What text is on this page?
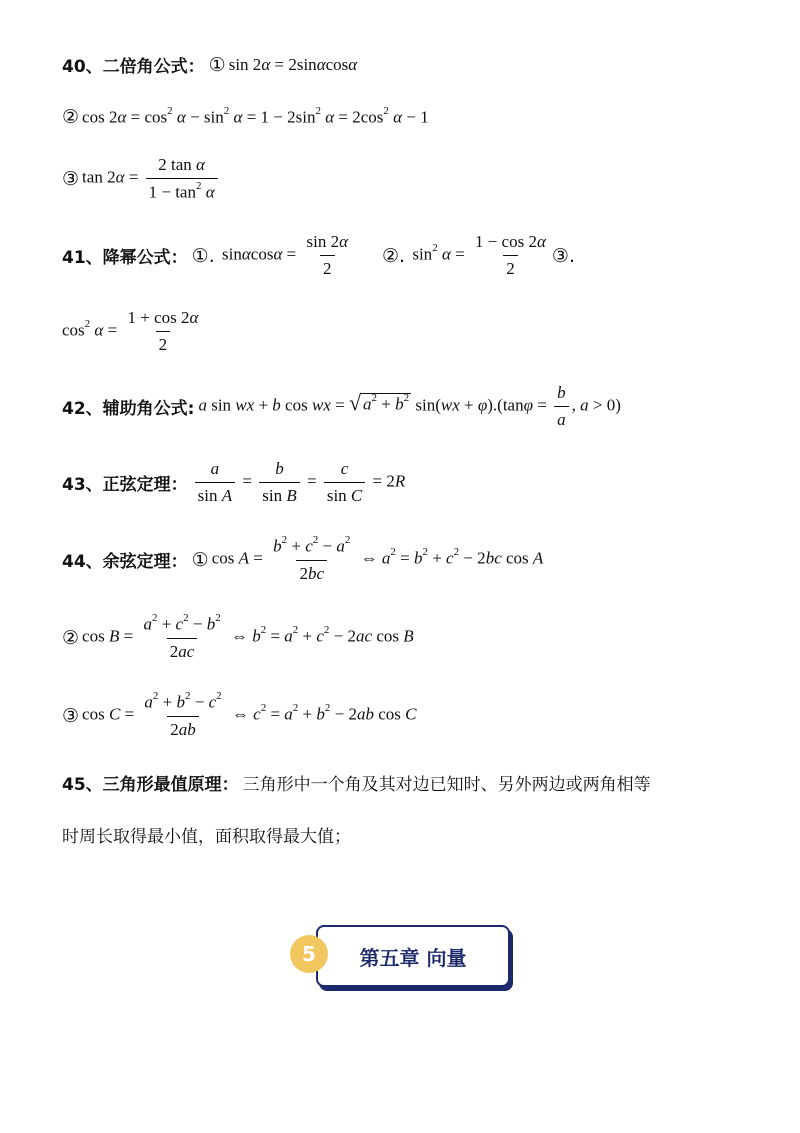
40、二倍角公式： ① sin 2α = 2sinαcosα
② $\cos 2\alpha = \cos^2 \alpha - \sin^2 \alpha = 1 - 2\sin^2$ $\alpha = 2\cos^2$ α − 1
③ $\tan 2\alpha = \frac{\text{2 tan α}}{1 - \tan^2 \alpha}$
41、降幂公式： ①. $\sin\alpha\cos\alpha = \frac{\sin 2\alpha}{2}$ ②. $\sin^2 \alpha = \frac{1 - \cos 2\alpha}{2}$ ③.
$\cos^2 \alpha = \frac{1 + \cos 2\alpha}{2}$
42、辅助角公式: a sin wx + b cos wx = √ $a^2 + b^2$ $\sin(wx + \varphi).(\tan\varphi = \frac{b}{a}$ , a > 0)
43、正弦定理： $\frac{a}{\text{sin A}} = \frac{b}{\text{sin B}} = \frac{c}{\text{sin C}} = 2R$
44、余弦定理： ① $\cos A = \frac{b^2 + c^2 - a^2}{2bc}$ ⇔ $a^2 = b^2 + c^2 - 2bc$ cos A
② $\cos B = \frac{a^2 + c^2 - b^2}{2ac}$ ⇔ $b^2 = a^2 + c^2 - 2ac$ cos B
③ $\cos C = \frac{a^2 + b^2 - c^2}{2ab}$ ⇔ $c^2 = a^2 + b^2 - 2ab$ cos C
45、三角形最值原理： 三角形中一个角及其对边已知时、另外两边或两角相等
时周长取得最小值，面积取得最大值；
第五章 向量
5
